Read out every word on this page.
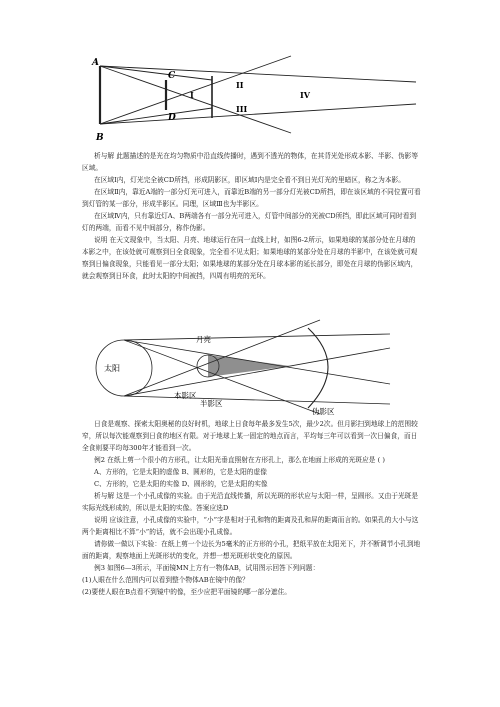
A
B
C
D
I
II
III
IV

析与解 此题描述的是光在均匀物质中沿直线传播时，遇到不透光的物体，在其背光处形成本影、半影、伪影等区域。

在区域Ⅰ内，灯光完全被CD所挡，形成阴影区，即区域Ⅰ内是完全看不到日光灯光的里暗区，称之为本影。

在区域Ⅱ内，靠近A端的一部分灯光可进入，而靠近B端的另一部分灯光被CD所挡，即在该区域的不同位置可看到灯管的某一部分，形成半影区。同理，区域Ⅲ也为半影区。

在区域Ⅳ内，只有靠近灯A、B两端各有一部分光可进入，灯管中间部分的光被CD所挡，即此区域可同时看到灯的两端，而看不见中间部分，称作伪影。

说明 在天文现象中，当太阳、月亮、地球运行在同一直线上时，如图6-2所示，如果地球的某部分处在月球的本影之中，在该处就可观察到日全食现象，完全看不见太阳；如果地球的某部分处在月球的半影中，在该处就可观察到日偏食现象，只能看见一部分太阳；如果地球的某部分处在月球本影的延长部分，即处在月球的伪影区域内，就会观察到日环食，此时太阳的中间被挡，四周有明亮的光环。

太阳
月亮
本影区
半影区
伪影区

日食是观察、探索太阳奥秘的良好时机，地球上日食每年最多发生5次，最少2次。但月影扫到地球上的范围较窄，所以每次能观察到日食的地区有限。对于地球上某一固定的地点而言，平均每三年可以看到一次日偏食，而日全食则要平均每300年才能看到一次。

例2 在纸上剪一个很小的方形孔，让太阳光垂直照射在方形孔上，那么在地面上形成的光斑应是 ( )

A、方形的，它是太阳的虚像 B、圆形的，它是太阳的虚像

C、方形的，它是太阳的实像 D、圆形的，它是太阳的实像

析与解 这是一个小孔成像的实验。由于光沿直线传播，所以光斑的形状应与太阳一样，呈圆形。又由于光斑是实际光线形成的，所以是太阳的实像。答案应选D

说明 应该注意，小孔成像的实验中，“小”字是相对于孔和物的距离及孔和屏的距离而言的。如果孔的大小与这两个距离相比不算“小”的话，就不会出现小孔成像。

请你做一做以下实验：在纸上剪一个边长为5毫米的正方形的小孔，把纸平放在太阳光下，并不断调节小孔到地面的距离，观察地面上光斑形状的变化，并想一想光斑形状变化的原因。

例3 如图6—3所示，平面镜MN上方有一物体AB，试用图示回答下列问题：

(1)人眼在什么范围内可以看到整个物体AB在镜中的像？

(2)要使人眼在B点看不到镜中的像，至少应把平面镜的哪一部分遮住。
